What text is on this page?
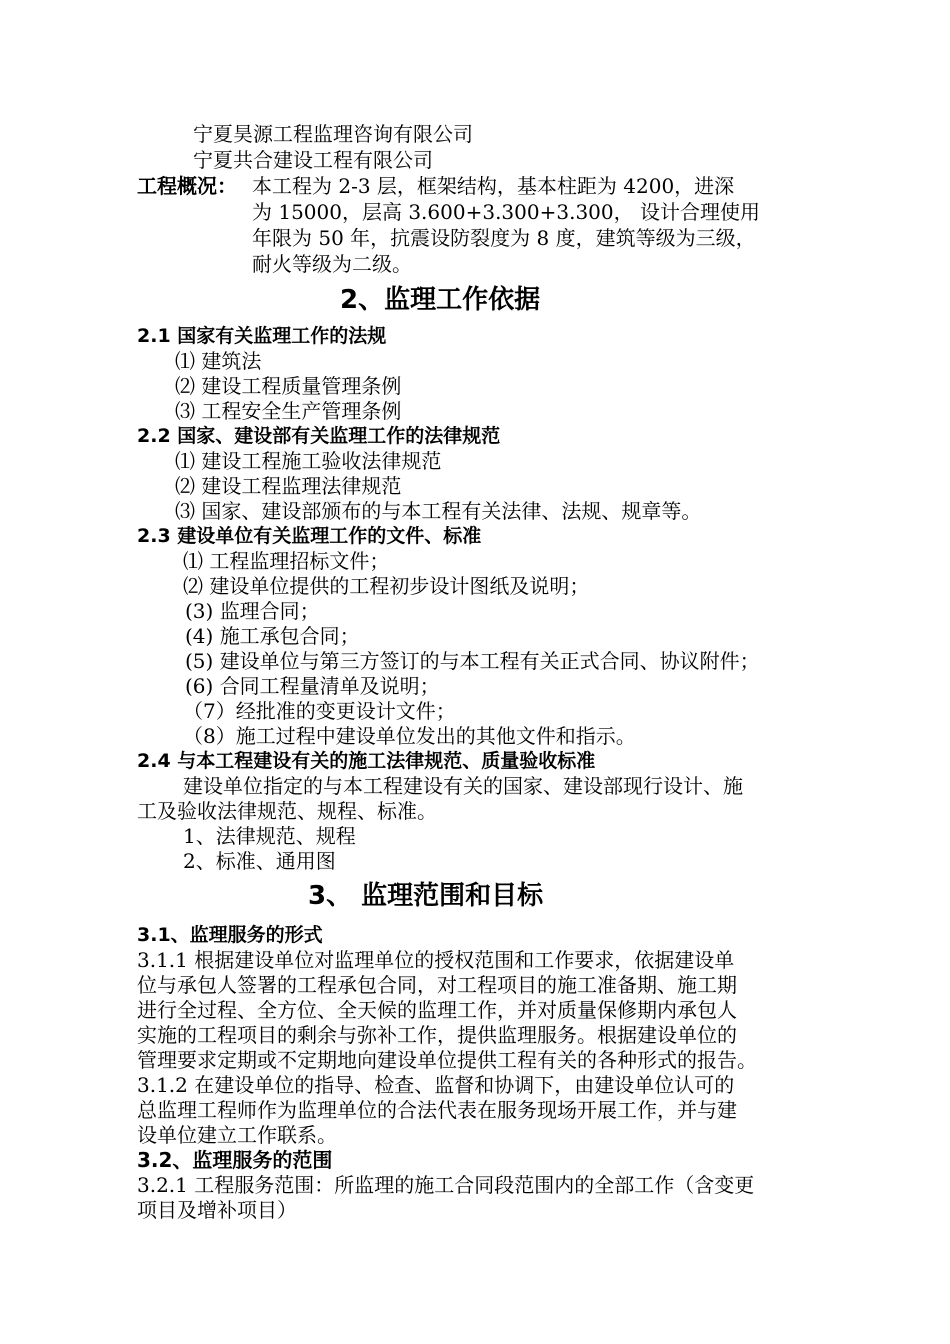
宁夏昊源工程监理咨询有限公司
宁夏共合建设工程有限公司
工程概况： 本工程为 2-3 层，框架结构，基本柱距为 4200，进深
为 15000，层高 3.600+3.300+3.300， 设计合理使用
年限为 50 年，抗震设防裂度为 8 度，建筑等级为三级，
耐火等级为二级。
2、监理工作依据
2.1 国家有关监理工作的法规
⑴ 建筑法
⑵ 建设工程质量管理条例
⑶ 工程安全生产管理条例
2.2 国家、建设部有关监理工作的法律规范
⑴ 建设工程施工验收法律规范
⑵ 建设工程监理法律规范
⑶ 国家、建设部颁布的与本工程有关法律、法规、规章等。
2.3 建设单位有关监理工作的文件、标准
⑴ 工程监理招标文件；
⑵ 建设单位提供的工程初步设计图纸及说明；
(3) 监理合同；
(4) 施工承包合同；
(5) 建设单位与第三方签订的与本工程有关正式合同、协议附件；
(6) 合同工程量清单及说明；
（7）经批准的变更设计文件；
（8）施工过程中建设单位发出的其他文件和指示。
2.4 与本工程建设有关的施工法律规范、质量验收标准
建设单位指定的与本工程建设有关的国家、建设部现行设计、施
工及验收法律规范、规程、标准。
1、法律规范、规程
2、标准、通用图
3、 监理范围和目标
3.1、监理服务的形式
3.1.1 根据建设单位对监理单位的授权范围和工作要求，依据建设单
位与承包人签署的工程承包合同，对工程项目的施工准备期、施工期
进行全过程、全方位、全天候的监理工作，并对质量保修期内承包人
实施的工程项目的剩余与弥补工作，提供监理服务。根据建设单位的
管理要求定期或不定期地向建设单位提供工程有关的各种形式的报告。
3.1.2 在建设单位的指导、检查、监督和协调下，由建设单位认可的
总监理工程师作为监理单位的合法代表在服务现场开展工作，并与建
设单位建立工作联系。
3.2、监理服务的范围
3.2.1 工程服务范围：所监理的施工合同段范围内的全部工作（含变更
项目及增补项目）
